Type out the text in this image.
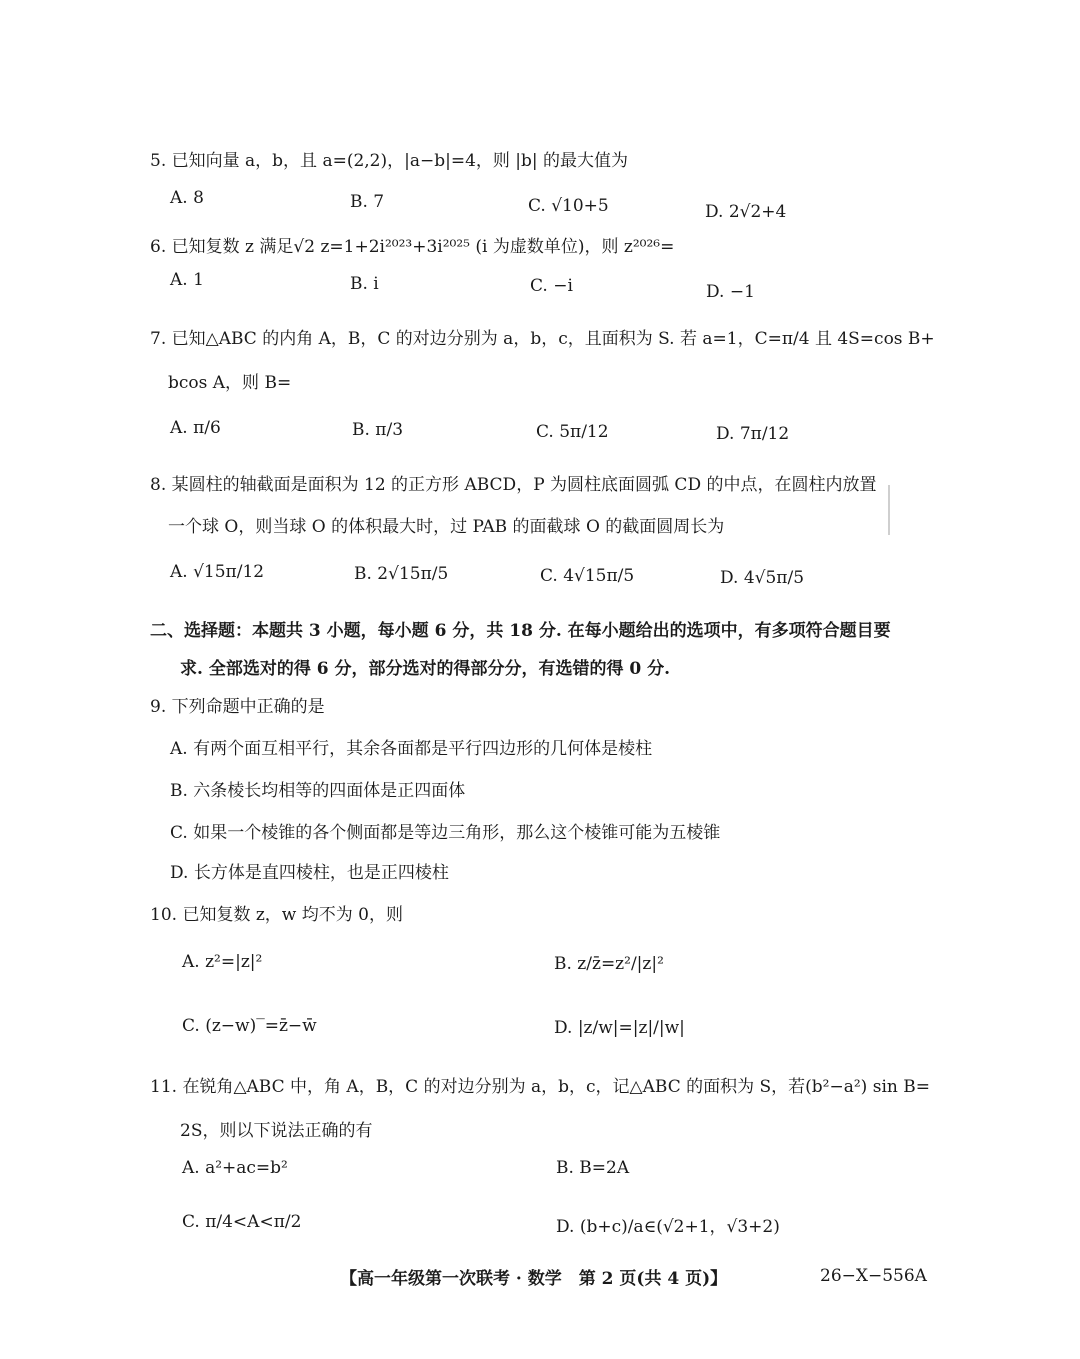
5. 已知向量 a，b，且 a=(2,2)，|a−b|=4，则 |b| 的最大值为
A. 8	B. 7	C. √10+5	D. 2√2+4
6. 已知复数 z 满足√2 z=1+2i²⁰²³+3i²⁰²⁵ (i 为虚数单位)，则 z²⁰²⁶=
A. 1	B. i	C. −i	D. −1
7. 已知△ABC 的内角 A，B，C 的对边分别为 a，b，c，且面积为 S. 若 a=1，C=π/4 且 4S=cos B+
bcos A，则 B=
A. π/6	B. π/3	C. 5π/12	D. 7π/12
8. 某圆柱的轴截面是面积为 12 的正方形 ABCD，P 为圆柱底面圆弧 CD 的中点，在圆柱内放置
一个球 O，则当球 O 的体积最大时，过 PAB 的面截球 O 的截面圆周长为
A. √15π/12	B. 2√15π/5	C. 4√15π/5	D. 4√5π/5
二、选择题：本题共 3 小题，每小题 6 分，共 18 分. 在每小题给出的选项中，有多项符合题目要
求. 全部选对的得 6 分，部分选对的得部分分，有选错的得 0 分.
9. 下列命题中正确的是
A. 有两个面互相平行，其余各面都是平行四边形的几何体是棱柱
B. 六条棱长均相等的四面体是正四面体
C. 如果一个棱锥的各个侧面都是等边三角形，那么这个棱锥可能为五棱锥
D. 长方体是直四棱柱，也是正四棱柱
10. 已知复数 z，w 均不为 0，则
A. z²=|z|²	B. z/z̄=z²/|z|²
C. (z−w)‾=z̄−w̄	D. |z/w|=|z|/|w|
11. 在锐角△ABC 中，角 A，B，C 的对边分别为 a，b，c，记△ABC 的面积为 S，若(b²−a²) sin B=
2S，则以下说法正确的有
A. a²+ac=b²	B. B=2A
C. π/4<A<π/2	D. (b+c)/a∈(√2+1，√3+2)
【高一年级第一次联考 · 数学　第 2 页(共 4 页)】	26−X−556A
